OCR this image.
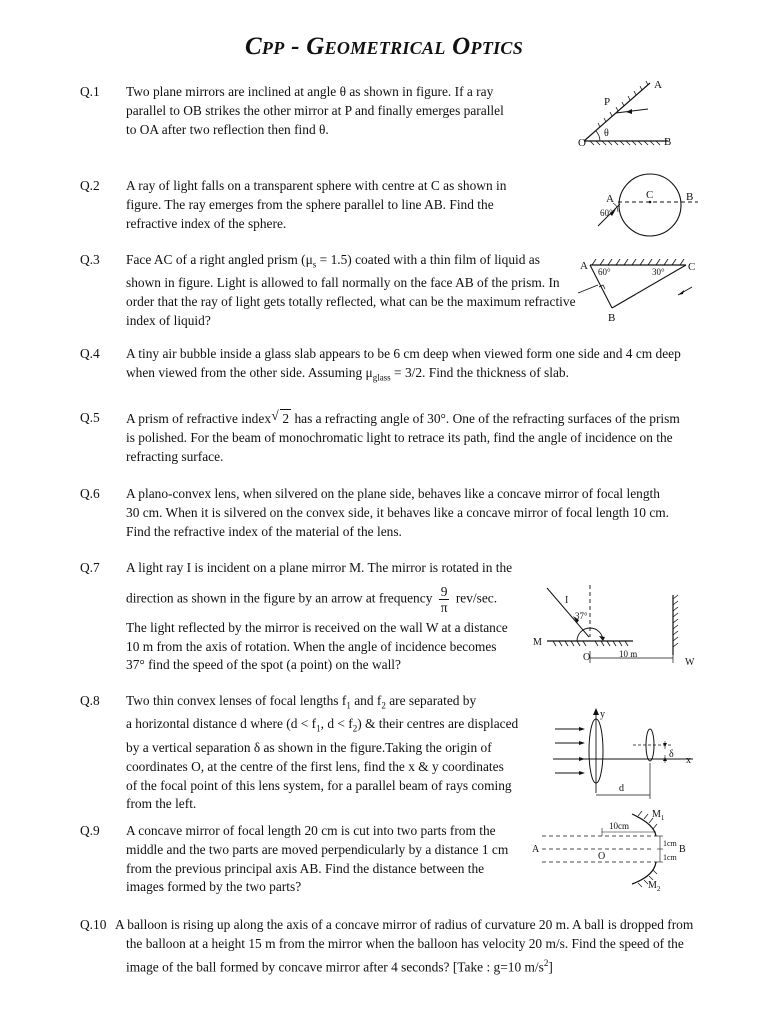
Cpp - Geometrical Optics
Q.1 Two plane mirrors are inclined at angle θ as shown in figure. If a ray
parallel to OB strikes the other mirror at P and finally emerges parallel
to OA after two reflection then find θ.
Q.2 A ray of light falls on a transparent sphere with centre at C as shown in
figure. The ray emerges from the sphere parallel to line AB. Find the
refractive index of the sphere.
Q.3 Face AC of a right angled prism $(\mu_s = 1.5)$ coated with a thin film of liquid as
shown in figure. Light is allowed to fall normally on the face AB of the prism. In
order that the ray of light gets totally reflected, what can be the maximum refractive
index of liquid?
Q.4 A tiny air bubble inside a glass slab appears to be 6 cm deep when viewed form one side and 4 cm deep
when viewed from the other side. Assuming $\mu_{glass} = 3/2$. Find the thickness of slab.
Q.5 A prism of refractive index √ 2 has a refracting angle of 30°. One of the refracting surfaces of the prism
is polished. For the beam of monochromatic light to retrace its path, find the angle of incidence on the
refracting surface.
Q.6 A plano-convex lens, when silvered on the plane side, behaves like a concave mirror of focal length
30 cm. When it is silvered on the convex side, it behaves like a concave mirror of focal length 10 cm.
Find the refractive index of the material of the lens.
Q.7 A light ray I is incident on a plane mirror M. The mirror is rotated in the
direction as shown in the figure by an arrow at frequency $\frac{9}{\pi} rev/\sec$.
The light reflected by the mirror is received on the wall W at a distance
10 m from the axis of rotation. When the angle of incidence becomes
37° find the speed of the spot (a point) on the wall?
Q.8 Two thin convex lenses of focal lengths $f_1$ and $f_2$ are separated by
a horizontal distance d where ($d < f_1$, $d < f_2$) & their centres are displaced
by a vertical separation δ as shown in the figure.Taking the origin of
coordinates O, at the centre of the first lens, find the x & y coordinates
of the focal point of this lens system, for a parallel beam of rays coming
from the left.
Q.9 A concave mirror of focal length 20 cm is cut into two parts from the
middle and the two parts are moved perpendicularly by a distance 1 cm
from the previous principal axis AB. Find the distance between the
images formed by the two parts?
Q.10 A balloon is rising up along the axis of a concave mirror of radius of curvature 20 m. A ball is dropped from
the balloon at a height 15 m from the mirror when the balloon has velocity 20 m/s. Find the speed of the
image of the ball formed by concave mirror after 4 seconds? [Take : g=10 $m/s^2$]
A
P
θ
O	B
A	C	B
60°
A 60°	30° C
B
I
37°
M
O	10 m
W
y
δ
x
d
$M_1$
10cm
A
O
1cm
B
1cm
$M_2$
